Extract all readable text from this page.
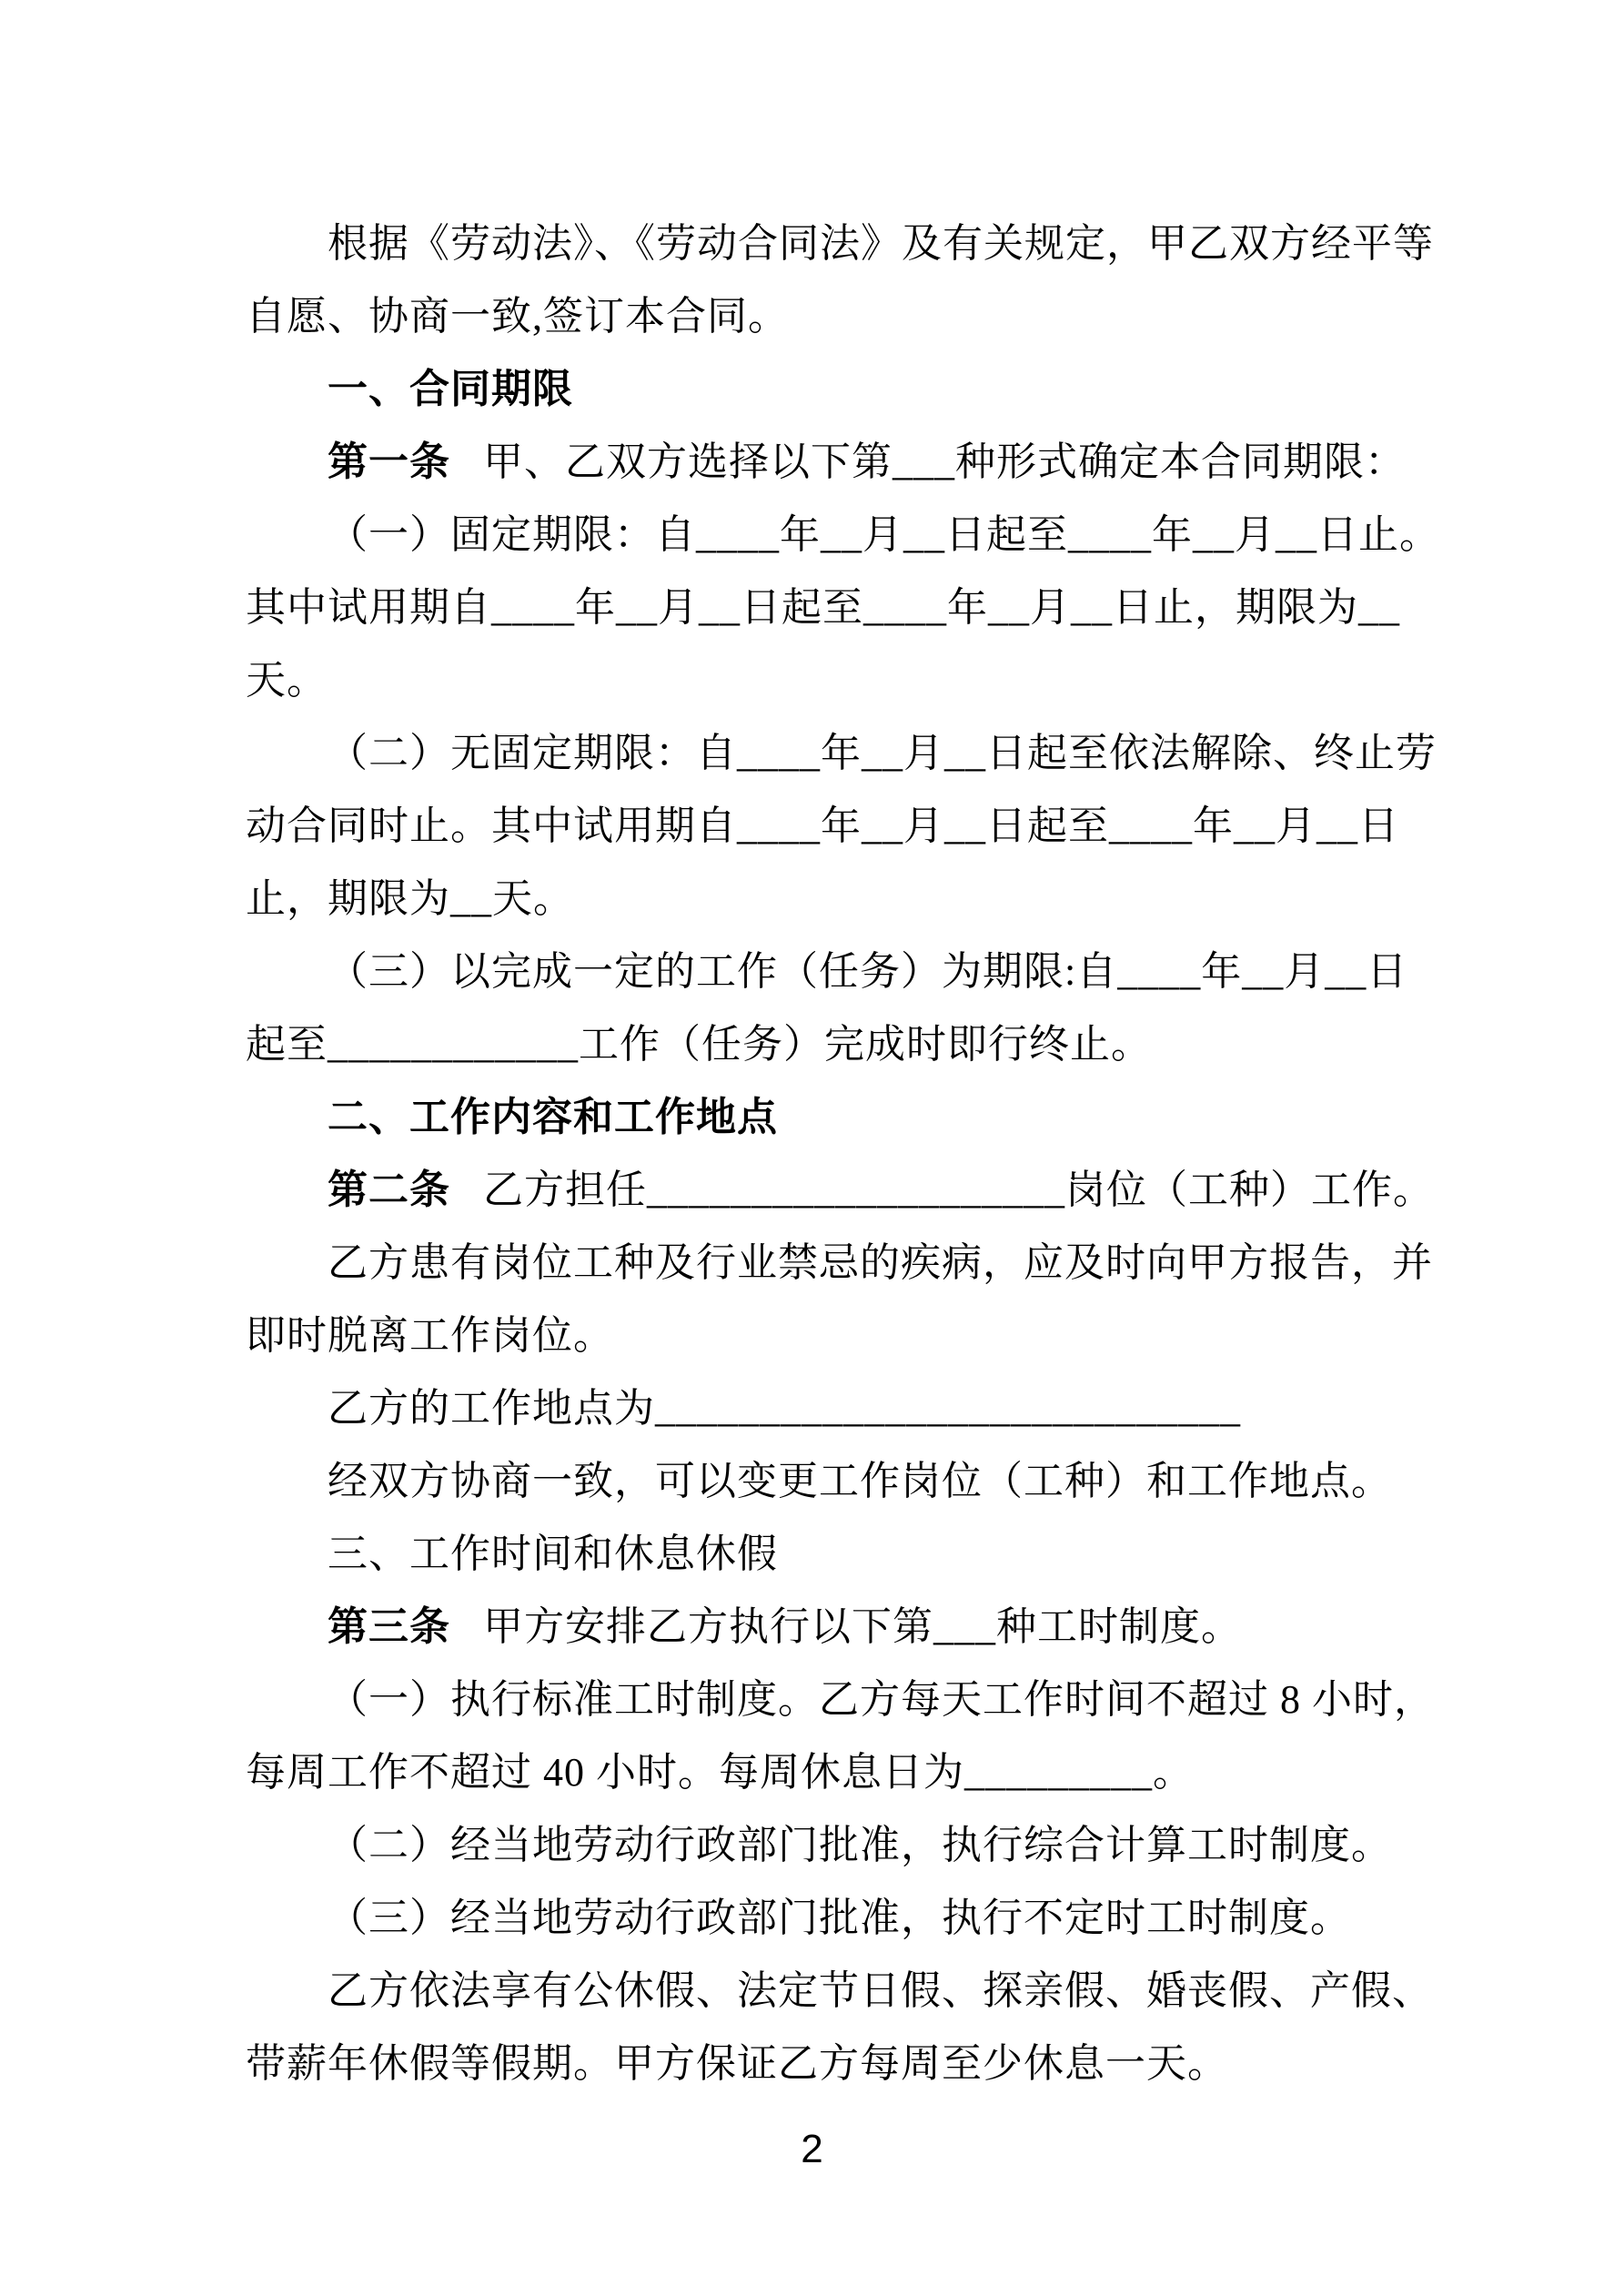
根据《劳动法》、《劳动合同法》及有关规定，甲乙双方经平等
自愿、协商一致,签订本合同。
一、合同期限
第一条 甲、乙双方选择以下第___种形式确定本合同期限：
（一）固定期限：自____年__月__日起至____年__月__日止。
其中试用期自____年__月__日起至____年__月__日止，期限为__
天。
（二）无固定期限：自____年__月__日起至依法解除、终止劳
动合同时止。其中试用期自____年__月__日起至____年__月__日
止，期限为__天。
（三）以完成一定的工作（任务）为期限:自____年__月__日
起至____________工作（任务）完成时即行终止。
二、工作内容和工作地点
第二条 乙方担任____________________岗位（工种）工作。
乙方患有岗位工种及行业禁忌的疾病，应及时向甲方报告，并
即时脱离工作岗位。
乙方的工作地点为____________________________
经双方协商一致，可以变更工作岗位（工种）和工作地点。
三、工作时间和休息休假
第三条 甲方安排乙方执行以下第___种工时制度。
（一）执行标准工时制度。乙方每天工作时间不超过 8 小时，
每周工作不超过 40 小时。每周休息日为_________。
（二）经当地劳动行政部门批准，执行综合计算工时制度。
（三）经当地劳动行政部门批准，执行不定时工时制度。
乙方依法享有公休假、法定节日假、探亲假、婚丧假、产假、
带薪年休假等假期。甲方保证乙方每周至少休息一天。
2
